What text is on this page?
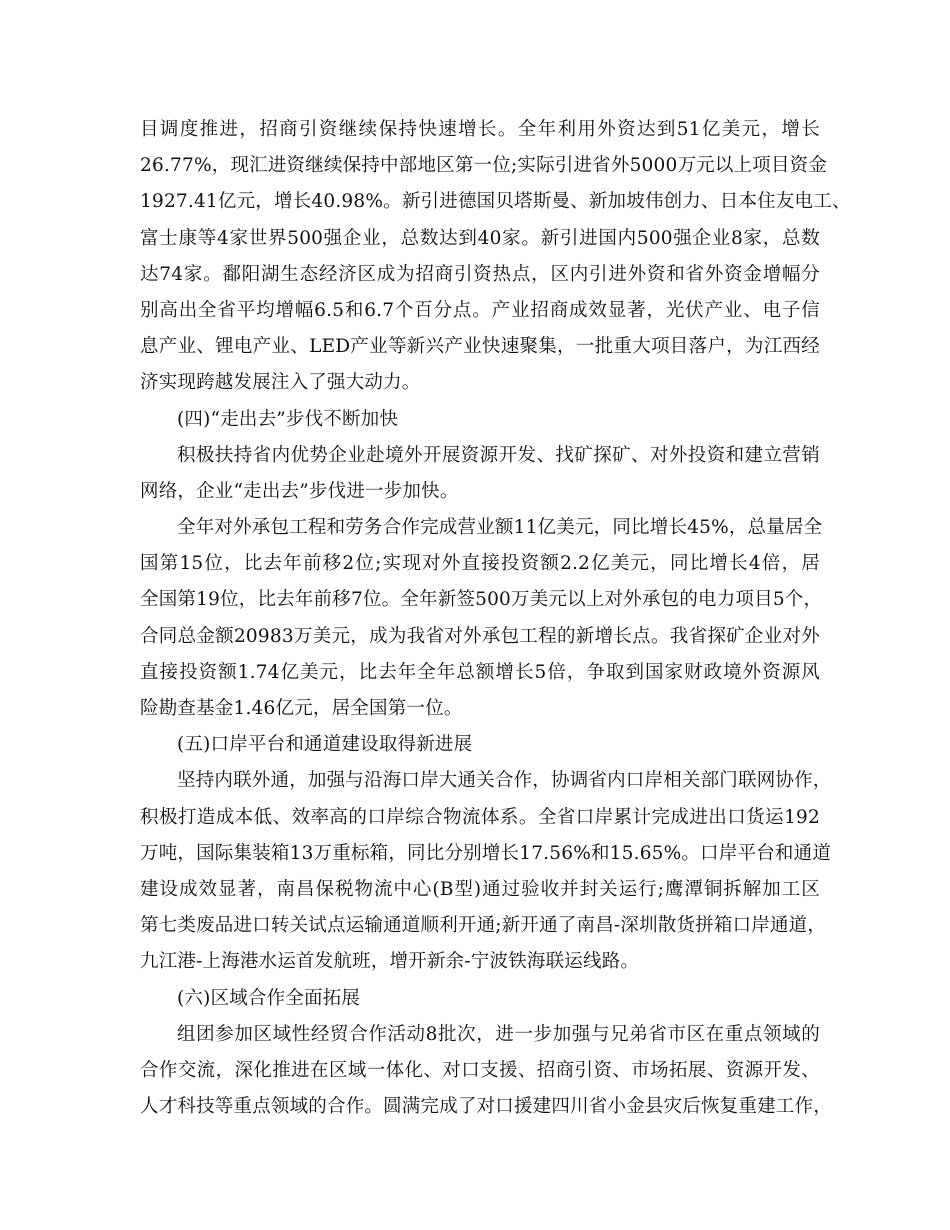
目调度推进，招商引资继续保持快速增长。全年利用外资达到51亿美元，增长
26.77%，现汇进资继续保持中部地区第一位;实际引进省外5000万元以上项目资金
1927.41亿元，增长40.98%。新引进德国贝塔斯曼、新加坡伟创力、日本住友电工、
富士康等4家世界500强企业，总数达到40家。新引进国内500强企业8家，总数
达74家。鄱阳湖生态经济区成为招商引资热点，区内引进外资和省外资金增幅分
别高出全省平均增幅6.5和6.7个百分点。产业招商成效显著，光伏产业、电子信
息产业、锂电产业、LED产业等新兴产业快速聚集，一批重大项目落户，为江西经
济实现跨越发展注入了强大动力。
(四)“走出去”步伐不断加快
积极扶持省内优势企业赴境外开展资源开发、找矿探矿、对外投资和建立营销
网络，企业“走出去”步伐进一步加快。
全年对外承包工程和劳务合作完成营业额11亿美元，同比增长45%，总量居全
国第15位，比去年前移2位;实现对外直接投资额2.2亿美元，同比增长4倍，居
全国第19位，比去年前移7位。全年新签500万美元以上对外承包的电力项目5个，
合同总金额20983万美元，成为我省对外承包工程的新增长点。我省探矿企业对外
直接投资额1.74亿美元，比去年全年总额增长5倍，争取到国家财政境外资源风
险勘查基金1.46亿元，居全国第一位。
(五)口岸平台和通道建设取得新进展
坚持内联外通，加强与沿海口岸大通关合作，协调省内口岸相关部门联网协作，
积极打造成本低、效率高的口岸综合物流体系。全省口岸累计完成进出口货运192
万吨，国际集装箱13万重标箱，同比分别增长17.56%和15.65%。口岸平台和通道
建设成效显著，南昌保税物流中心(B型)通过验收并封关运行;鹰潭铜拆解加工区
第七类废品进口转关试点运输通道顺利开通;新开通了南昌-深圳散货拼箱口岸通道，
九江港-上海港水运首发航班，增开新余-宁波铁海联运线路。
(六)区域合作全面拓展
组团参加区域性经贸合作活动8批次，进一步加强与兄弟省市区在重点领域的
合作交流，深化推进在区域一体化、对口支援、招商引资、市场拓展、资源开发、
人才科技等重点领域的合作。圆满完成了对口援建四川省小金县灾后恢复重建工作，
